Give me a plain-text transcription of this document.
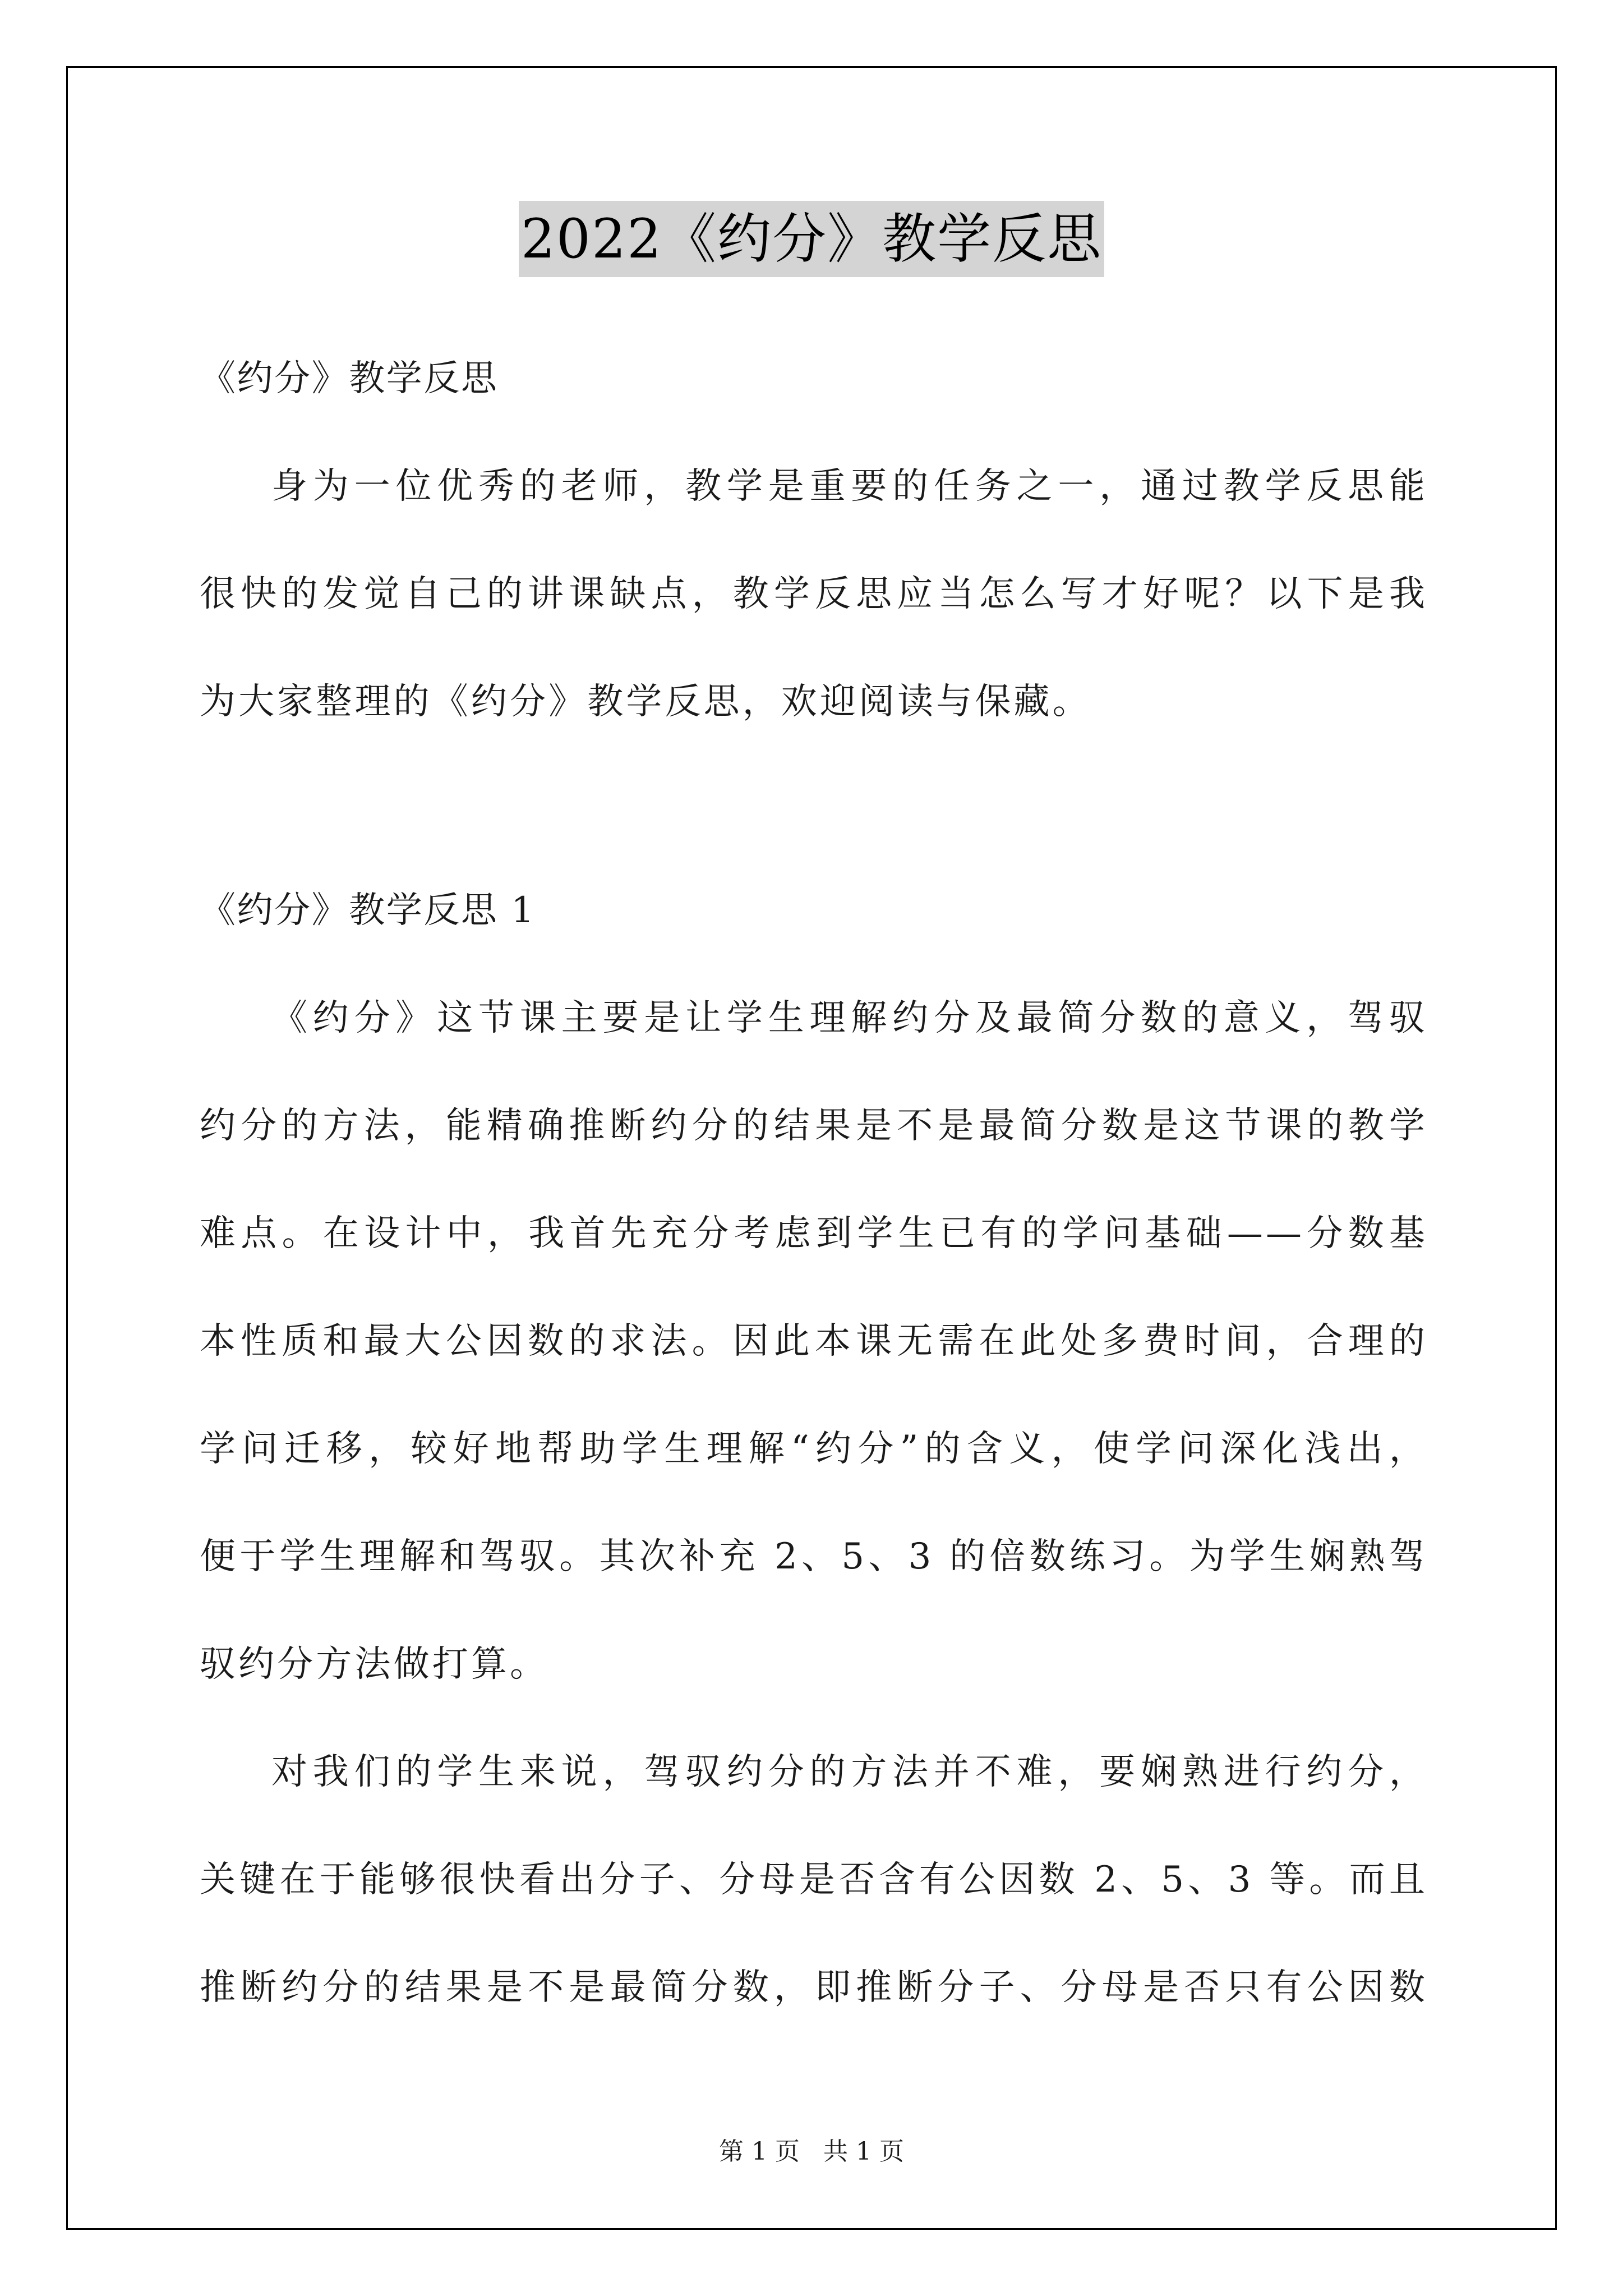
2022《约分》教学反思
《约分》教学反思
身为一位优秀的老师，教学是重要的任务之一，通过教学反思能
很快的发觉自己的讲课缺点，教学反思应当怎么写才好呢？以下是我
为大家整理的《约分》教学反思，欢迎阅读与保藏。
《约分》教学反思 1
《约分》这节课主要是让学生理解约分及最简分数的意义，驾驭
约分的方法，能精确推断约分的结果是不是最简分数是这节课的教学
难点。在设计中，我首先充分考虑到学生已有的学问基础——分数基
本性质和最大公因数的求法。因此本课无需在此处多费时间，合理的
学问迁移，较好地帮助学生理解“约分”的含义，使学问深化浅出，
便于学生理解和驾驭。其次补充 2、5、3 的倍数练习。为学生娴熟驾
驭约分方法做打算。
对我们的学生来说，驾驭约分的方法并不难，要娴熟进行约分，
关键在于能够很快看出分子、分母是否含有公因数 2、5、3 等。而且
推断约分的结果是不是最简分数，即推断分子、分母是否只有公因数
第 1 页   共 1 页
